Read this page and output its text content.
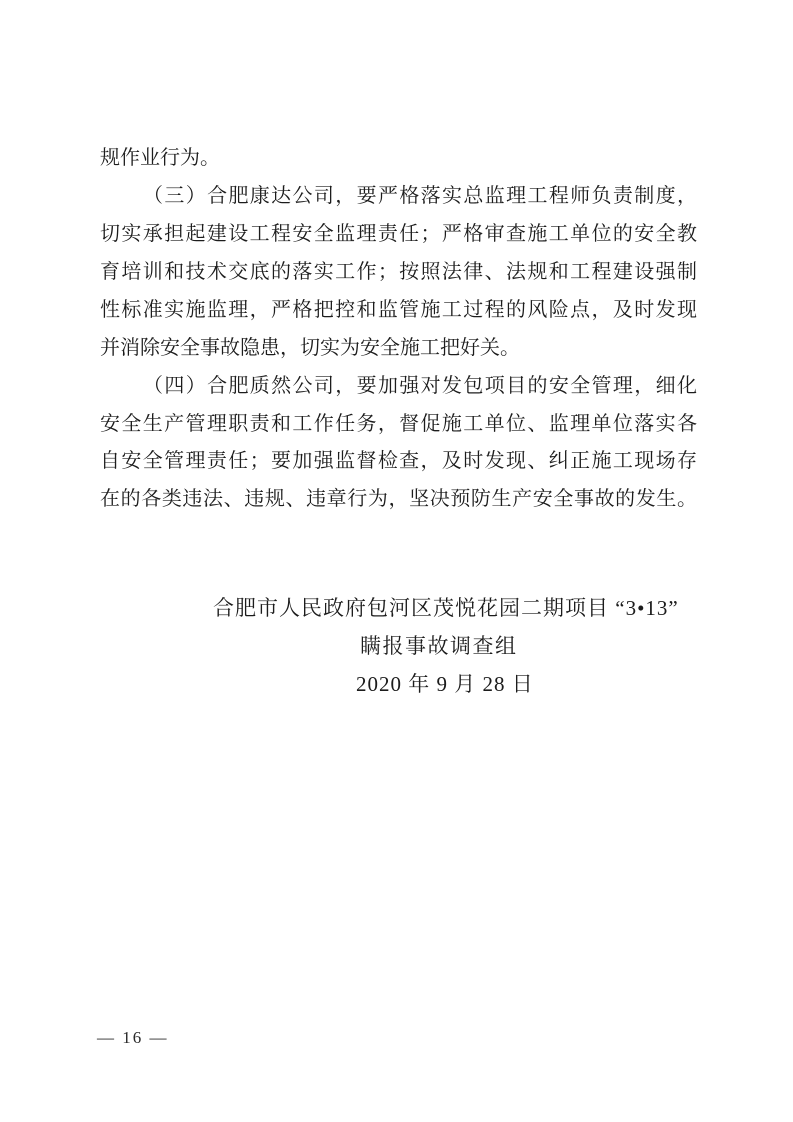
规作业行为。
（三）合肥康达公司，要严格落实总监理工程师负责制度，
切实承担起建设工程安全监理责任；严格审查施工单位的安全教
育培训和技术交底的落实工作；按照法律、法规和工程建设强制
性标准实施监理，严格把控和监管施工过程的风险点，及时发现
并消除安全事故隐患，切实为安全施工把好关。
（四）合肥质然公司，要加强对发包项目的安全管理，细化
安全生产管理职责和工作任务，督促施工单位、监理单位落实各
自安全管理责任；要加强监督检查，及时发现、纠正施工现场存
在的各类违法、违规、违章行为，坚决预防生产安全事故的发生。
合肥市人民政府包河区茂悦花园二期项目 “3•13”
瞒报事故调查组
2020 年 9 月 28 日
— 16 —
